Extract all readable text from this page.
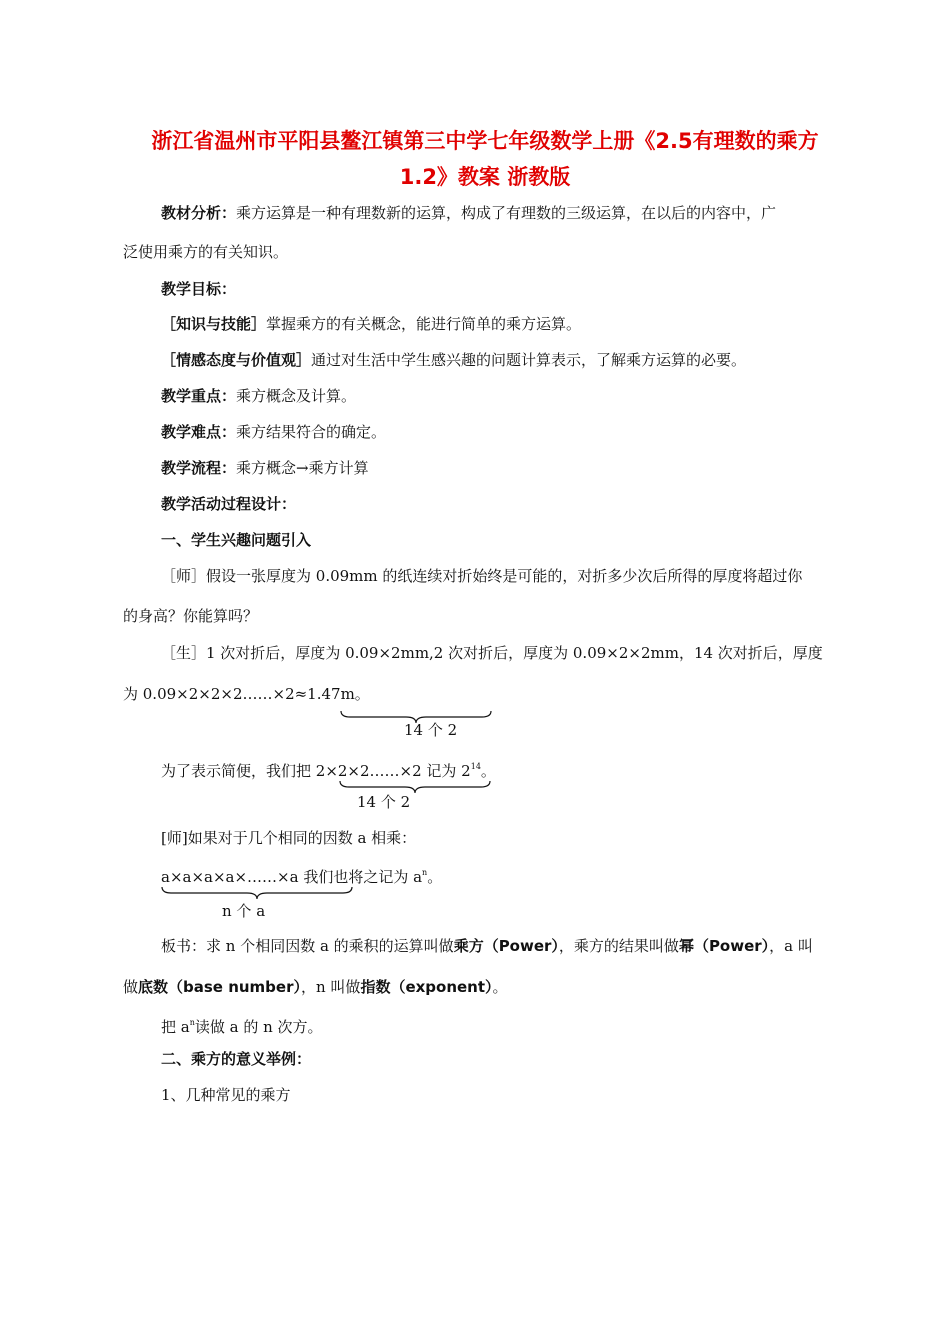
浙江省温州市平阳县鳌江镇第三中学七年级数学上册《2.5有理数的乘方
1.2》教案 浙教版
教材分析：乘方运算是一种有理数新的运算，构成了有理数的三级运算，在以后的内容中，广
泛使用乘方的有关知识。
教学目标：
［知识与技能］掌握乘方的有关概念，能进行简单的乘方运算。
［情感态度与价值观］通过对生活中学生感兴趣的问题计算表示，了解乘方运算的必要。
教学重点：乘方概念及计算。
教学难点：乘方结果符合的确定。
教学流程：乘方概念→乘方计算
教学活动过程设计：
一、学生兴趣问题引入
［师］假设一张厚度为 0.09mm 的纸连续对折始终是可能的，对折多少次后所得的厚度将超过你
的身高？你能算吗？
［生］1 次对折后，厚度为 0.09×2mm,2 次对折后，厚度为 0.09×2×2mm，14 次对折后，厚度
为 0.09×2×2×2……×2≈1.47m。
14 个 2
为了表示简便，我们把 2×2×2……×2 记为 $2^{14}$。
14 个 2
[师]如果对于几个相同的因数 a 相乘：
a×a×a×a×……×a 我们也将之记为 $a^n$。
n 个 a
板书：求 n 个相同因数 a 的乘积的运算叫做乘方（Power），乘方的结果叫做幂（Power），a 叫
做底数（base number），n 叫做指数（exponent）。
把 $a^n$读做 a 的 n 次方。
二、乘方的意义举例：
1、几种常见的乘方
